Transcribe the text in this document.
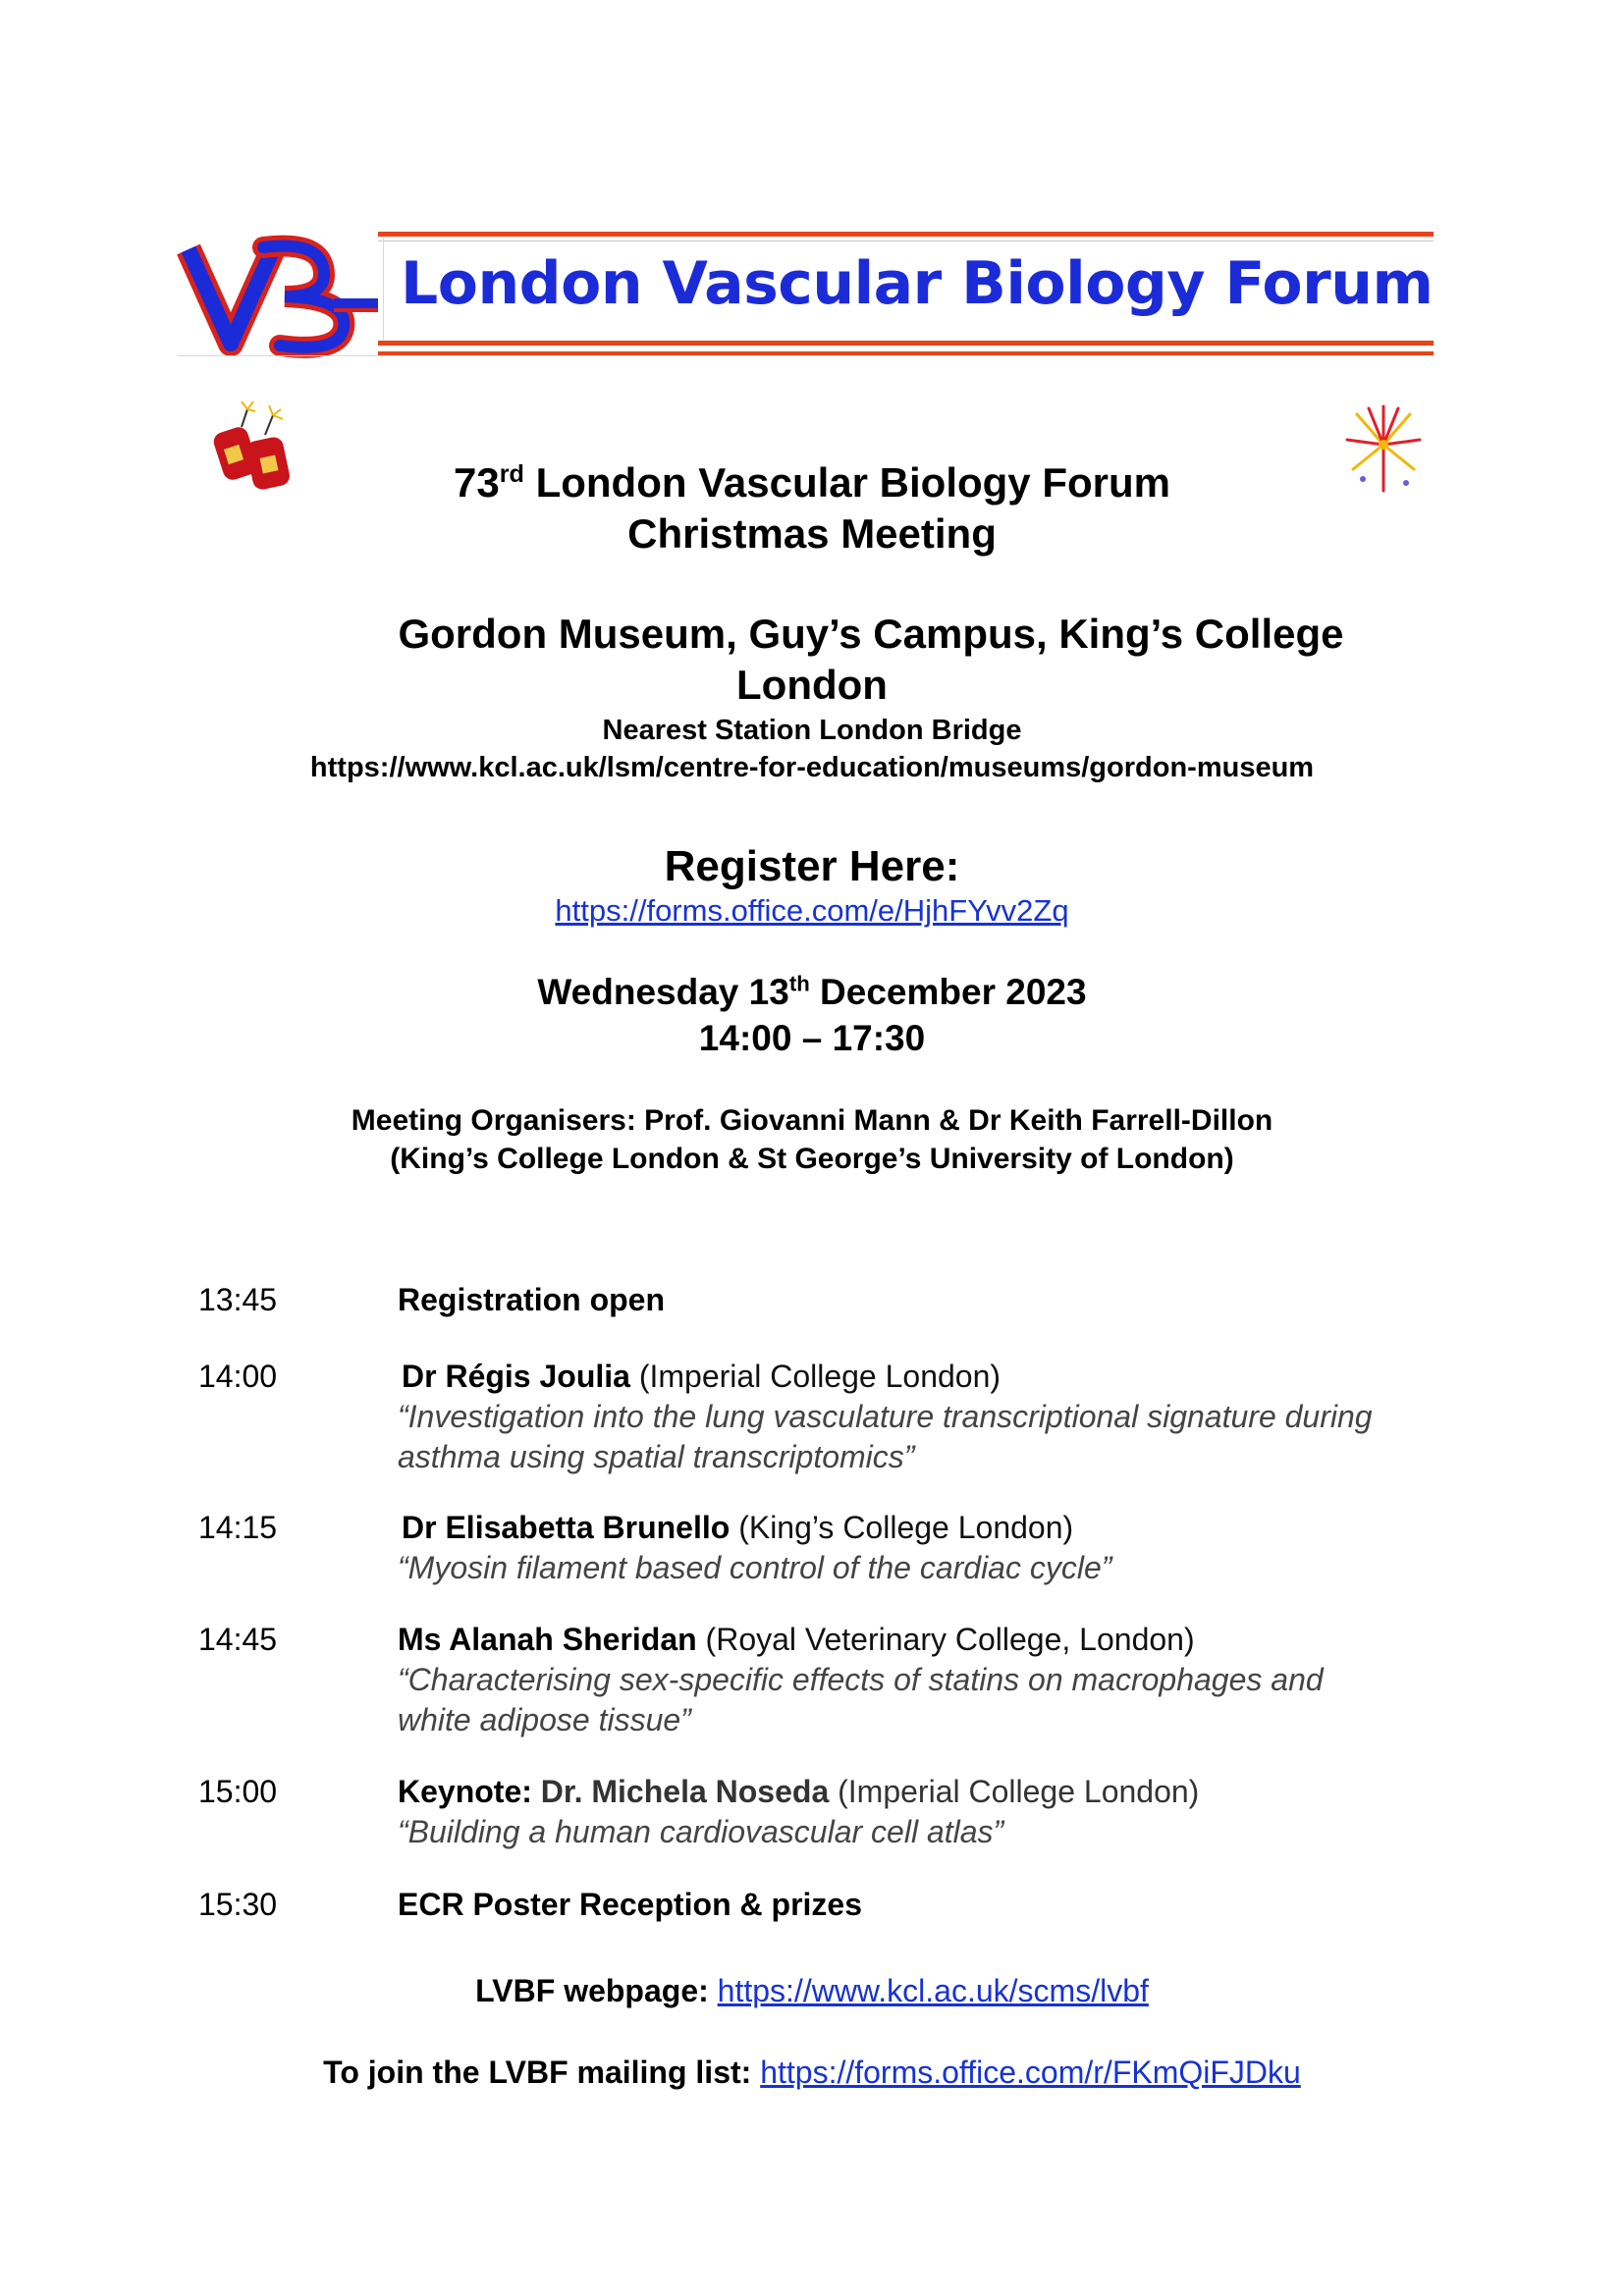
London Vascular Biology Forum
73rd London Vascular Biology Forum
Christmas Meeting
Gordon Museum, Guy’s Campus, King’s College
London
Nearest Station London Bridge
https://www.kcl.ac.uk/lsm/centre-for-education/museums/gordon-museum
Register Here:
https://forms.office.com/e/HjhFYvv2Zq
Wednesday 13th December 2023
14:00 – 17:30
Meeting Organisers: Prof. Giovanni Mann & Dr Keith Farrell-Dillon
(King’s College London & St George’s University of London)
13:45	Registration open
14:00	Dr Régis Joulia (Imperial College London)
“Investigation into the lung vasculature transcriptional signature during
asthma using spatial transcriptomics”
14:15	Dr Elisabetta Brunello (King’s College London)
“Myosin filament based control of the cardiac cycle”
14:45	Ms Alanah Sheridan (Royal Veterinary College, London)
“Characterising sex-specific effects of statins on macrophages and
white adipose tissue”
15:00	Keynote: Dr. Michela Noseda (Imperial College London)
“Building a human cardiovascular cell atlas”
15:30	ECR Poster Reception & prizes
LVBF webpage: https://www.kcl.ac.uk/scms/lvbf
To join the LVBF mailing list: https://forms.office.com/r/FKmQiFJDku
